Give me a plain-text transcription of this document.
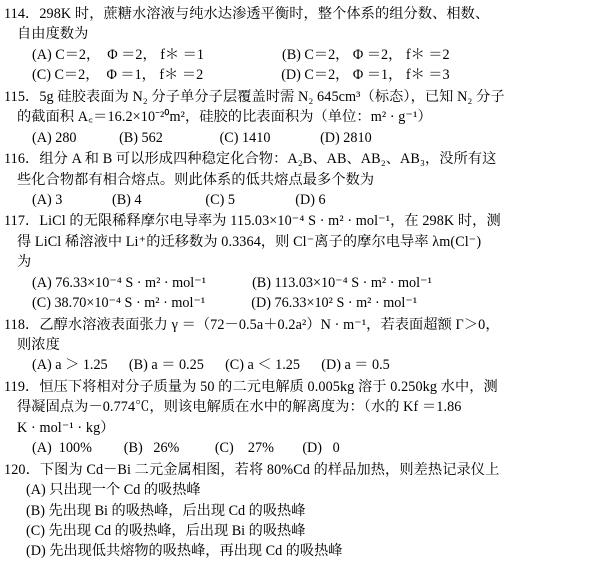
114．298K 时，蔗糖水溶液与纯水达渗透平衡时，整个体系的组分数、相数、
自由度数为
(A) C＝2，  Φ ＝2， f＊ ＝1                      (B) C＝2， Φ ＝2， f＊ ＝2
(C) C＝2，  Φ ＝1， f＊ ＝2                      (D) C＝2， Φ ＝1， f＊ ＝3
115．5g 硅胶表面为 N₂ 分子单分子层覆盖时需 N₂ 645cm³（标态），已知 N₂ 分子
的截面积 A꜀＝16.2×10⁻²⁰m²，硅胶的比表面积为（单位：m² · g⁻¹）
(A) 280            (B) 562                (C) 1410              (D) 2810
116．组分 A 和 B 可以形成四种稳定化合物：A₂B、AB、AB₂、AB₃，没所有这
些化合物都有相合熔点。则此体系的低共熔点最多个数为
(A) 3              (B) 4                  (C) 5                 (D) 6
117．LiCl 的无限稀释摩尔电导率为 115.03×10⁻⁴ S · m² · mol⁻¹，在 298K 时，测
得 LiCl 稀溶液中 Li⁺的迁移数为 0.3364，则 Cl⁻离子的摩尔电导率 λm(Cl⁻)
为
(A) 76.33×10⁻⁴ S · m² · mol⁻¹             (B) 113.03×10⁻⁴ S · m² · mol⁻¹
(C) 38.70×10⁻⁴ S · m² · mol⁻¹             (D) 76.33×10² S · m² · mol⁻¹
118．乙醇水溶液表面张力 γ ＝（72－0.5a＋0.2a²）N · m⁻¹，若表面超额 Γ＞0，
则浓度
(A) a ＞ 1.25      (B) a ＝ 0.25      (C) a ＜ 1.25      (D) a ＝ 0.5
119．恒压下将相对分子质量为 50 的二元电解质 0.005kg 溶于 0.250kg 水中，测
得凝固点为－0.774℃，则该电解质在水中的解离度为：（水的 Kf ＝1.86
K · mol⁻¹ · kg）
(A)  100%         (B)   26%          (C)    27%        (D)   0
120．下图为 Cd－Bi 二元金属相图，若将 80%Cd 的样品加热，则差热记录仪上
(A) 只出现一个 Cd 的吸热峰
(B) 先出现 Bi 的吸热峰，后出现 Cd 的吸热峰
(C) 先出现 Cd 的吸热峰，后出现 Bi 的吸热峰
(D) 先出现低共熔物的吸热峰，再出现 Cd 的吸热峰
